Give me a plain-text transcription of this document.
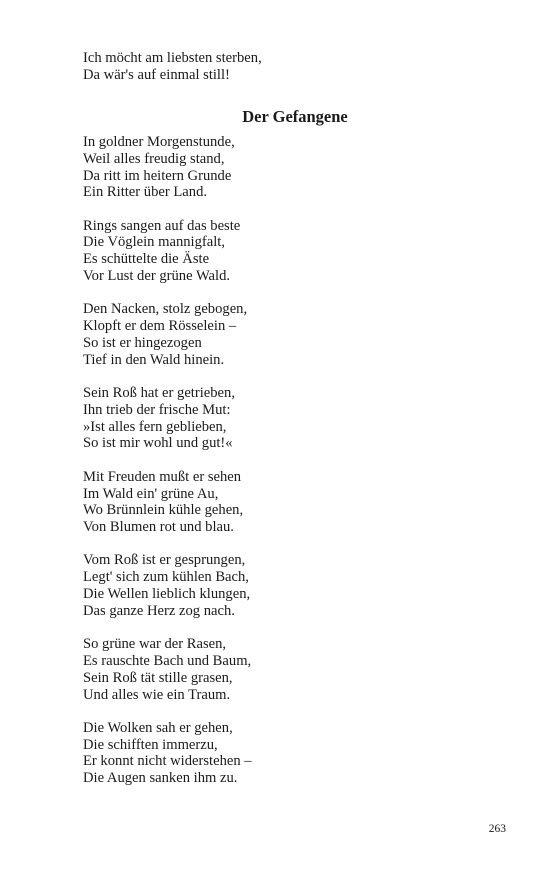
Ich möcht am liebsten sterben,
Da wär's auf einmal still!
Der Gefangene
In goldner Morgenstunde,
Weil alles freudig stand,
Da ritt im heitern Grunde
Ein Ritter über Land.
Rings sangen auf das beste
Die Vöglein mannigfalt,
Es schüttelte die Äste
Vor Lust der grüne Wald.
Den Nacken, stolz gebogen,
Klopft er dem Rösselein –
So ist er hingezogen
Tief in den Wald hinein.
Sein Roß hat er getrieben,
Ihn trieb der frische Mut:
»Ist alles fern geblieben,
So ist mir wohl und gut!«
Mit Freuden mußt er sehen
Im Wald ein' grüne Au,
Wo Brünnlein kühle gehen,
Von Blumen rot und blau.
Vom Roß ist er gesprungen,
Legt' sich zum kühlen Bach,
Die Wellen lieblich klungen,
Das ganze Herz zog nach.
So grüne war der Rasen,
Es rauschte Bach und Baum,
Sein Roß tät stille grasen,
Und alles wie ein Traum.
Die Wolken sah er gehen,
Die schifften immerzu,
Er konnt nicht widerstehen –
Die Augen sanken ihm zu.
263
